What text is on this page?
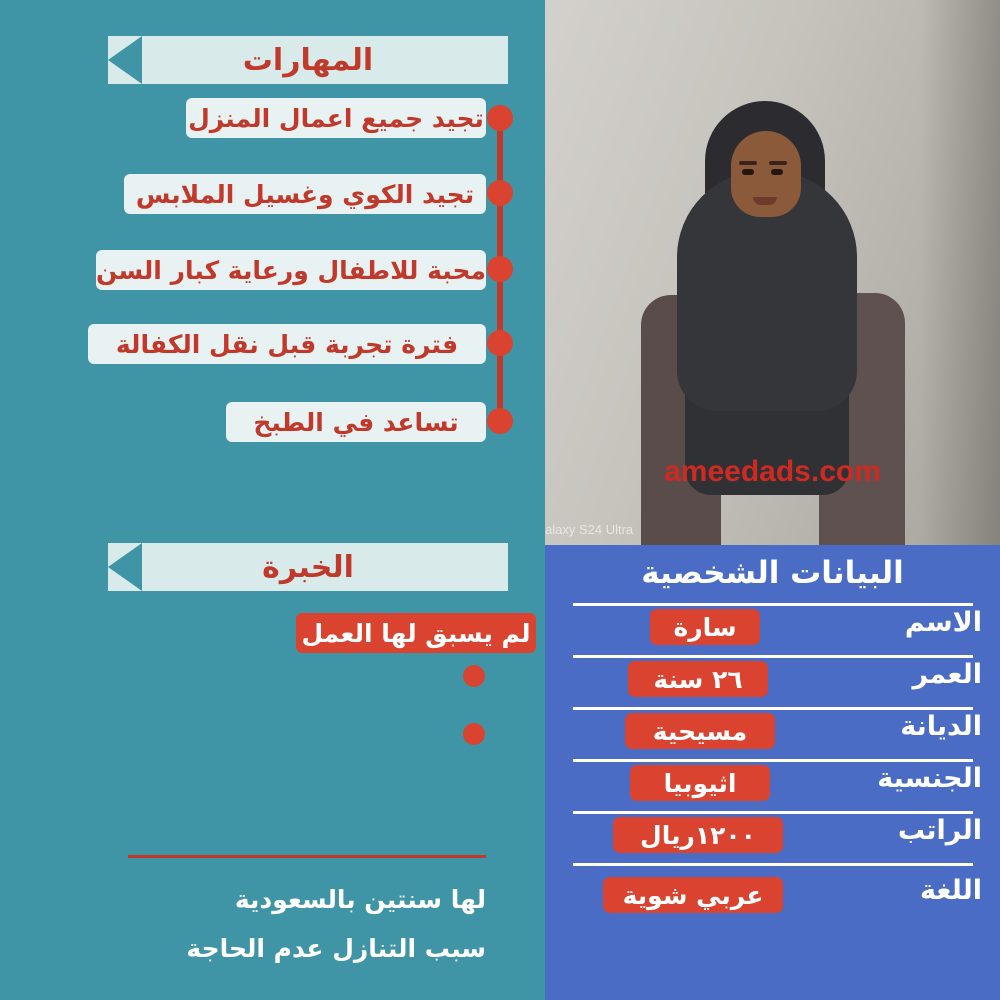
المهارات
تجيد جميع اعمال المنزل
تجيد الكوي وغسيل الملابس
محبة للاطفال ورعاية كبار السن
فترة تجربة قبل نقل الكفالة
تساعد في الطبخ
الخبرة
لم يسبق لها العمل
لها سنتين بالسعودية
سبب التنازل عدم الحاجة
alaxy S24 Ultra
ameedads.com
البيانات الشخصية
الاسم
سارة
العمر
٢٦ سنة
الديانة
مسيحية
الجنسية
اثيوبيا
الراتب
١٢٠٠ريال
اللغة
عربي شوية
